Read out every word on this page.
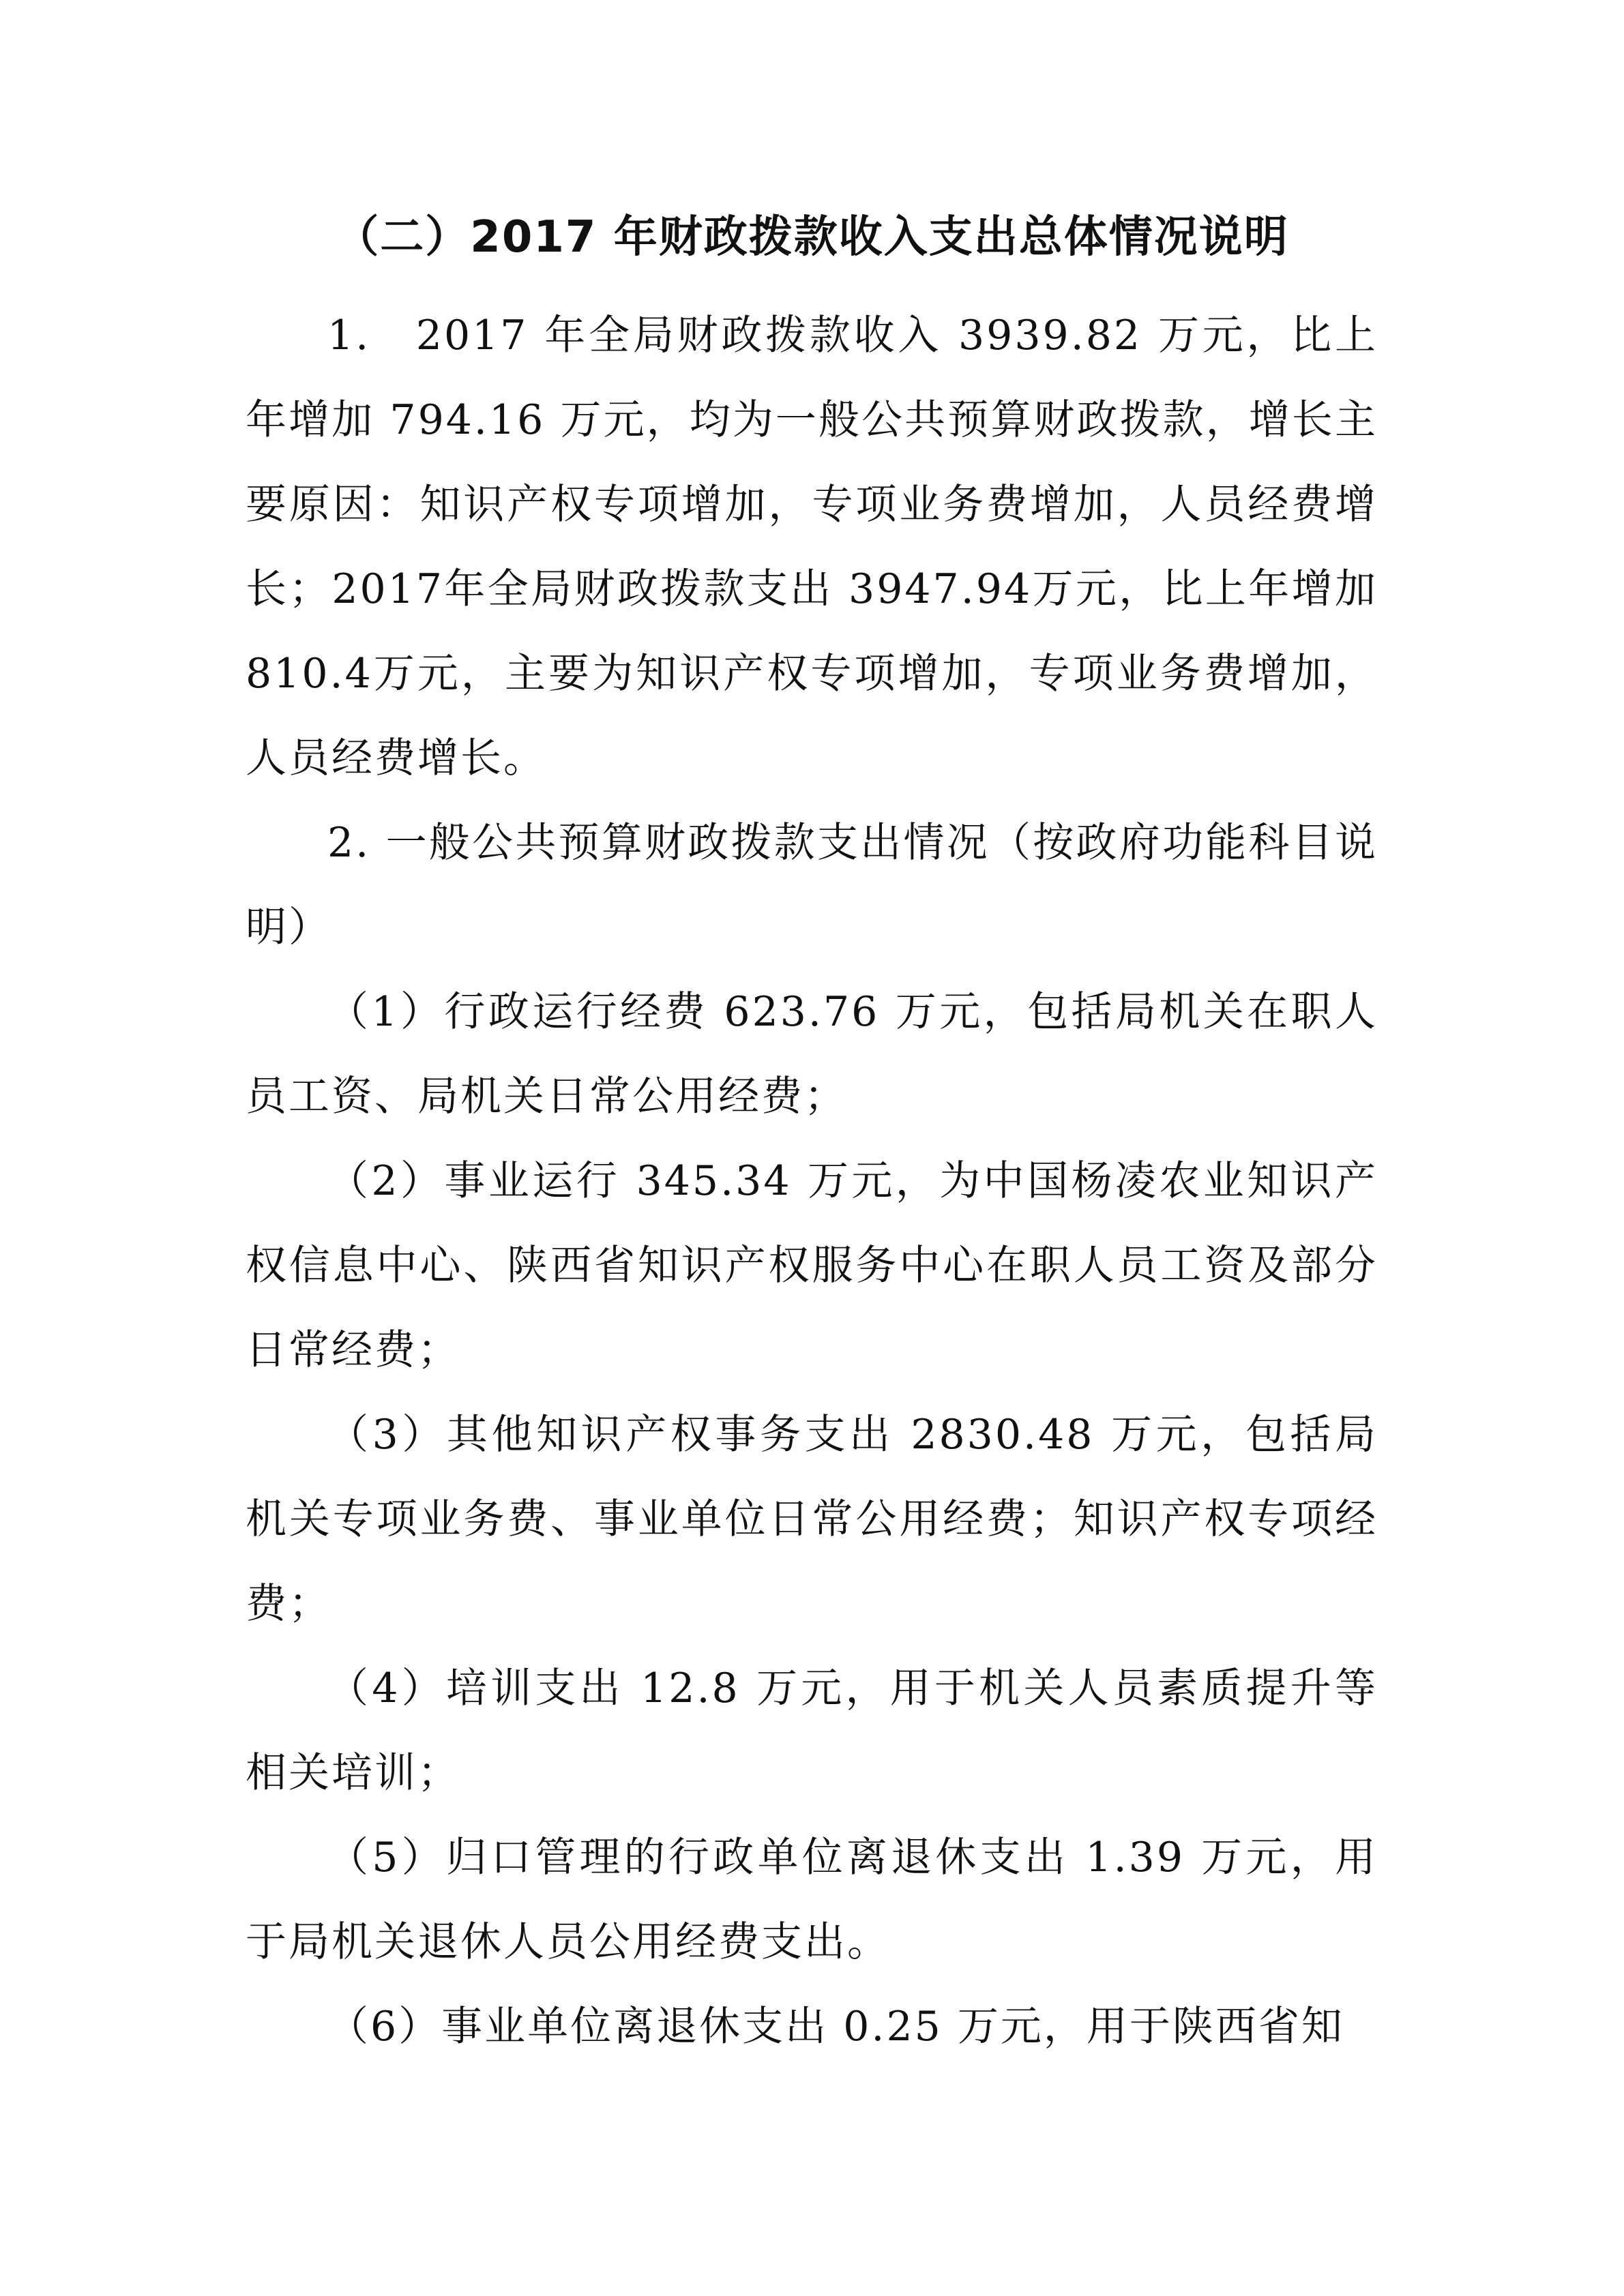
（二）2017 年财政拨款收入支出总体情况说明

1.　2017 年全局财政拨款收入 3939.82 万元，比上年增加 794.16 万元，均为一般公共预算财政拨款，增长主要原因：知识产权专项增加，专项业务费增加，人员经费增长；2017年全局财政拨款支出 3947.94万元，比上年增加810.4万元，主要为知识产权专项增加，专项业务费增加，人员经费增长。

2. 一般公共预算财政拨款支出情况（按政府功能科目说明）

（1）行政运行经费 623.76 万元，包括局机关在职人员工资、局机关日常公用经费；

（2）事业运行 345.34 万元，为中国杨凌农业知识产权信息中心、陕西省知识产权服务中心在职人员工资及部分日常经费；

（3）其他知识产权事务支出 2830.48 万元，包括局机关专项业务费、事业单位日常公用经费；知识产权专项经费；

（4）培训支出 12.8 万元，用于机关人员素质提升等相关培训；

（5）归口管理的行政单位离退休支出 1.39 万元，用于局机关退休人员公用经费支出。

（6）事业单位离退休支出 0.25 万元，用于陕西省知
